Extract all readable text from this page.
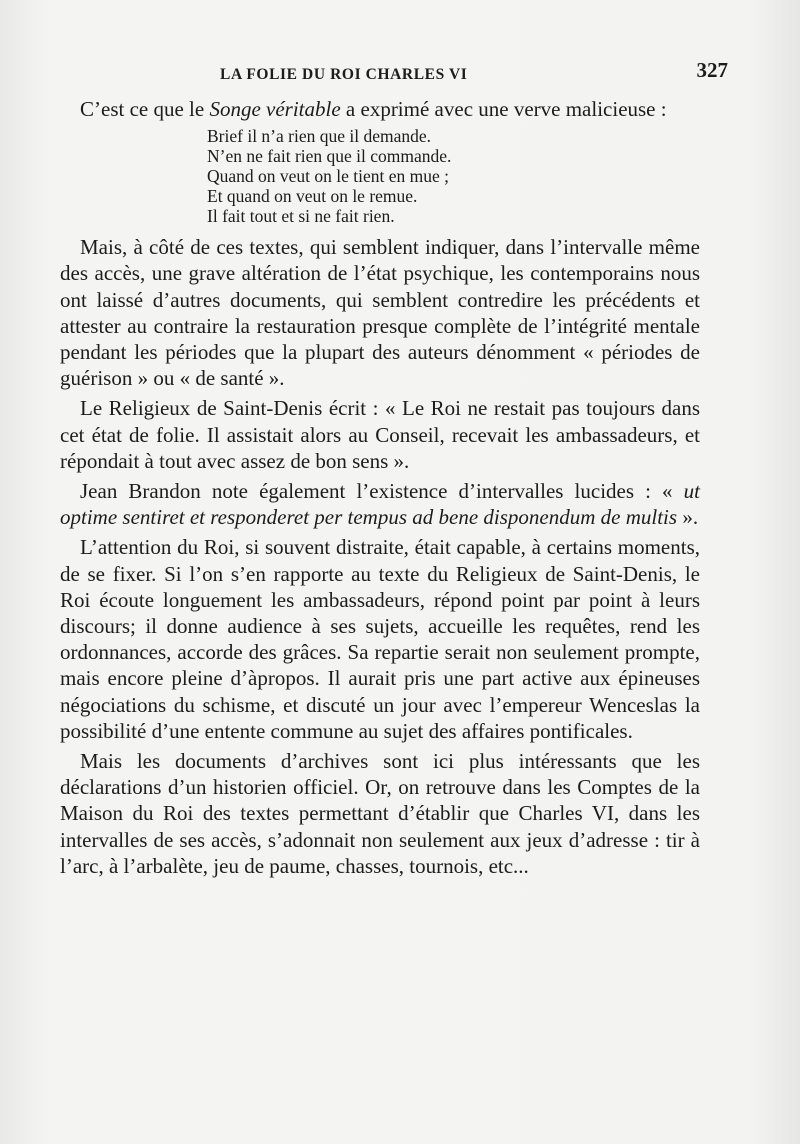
LA FOLIE DU ROI CHARLES VI	327

C’est ce que le Songe véritable a exprimé avec une verve malicieuse :

Brief il n’a rien que il demande.
N’en ne fait rien que il commande.
Quand on veut on le tient en mue ;
Et quand on veut on le remue.
Il fait tout et si ne fait rien.

Mais, à côté de ces textes, qui semblent indiquer, dans l’intervalle même des accès, une grave altération de l’état psychique, les contemporains nous ont laissé d’autres documents, qui semblent contredire les précédents et attester au contraire la restauration presque complète de l’intégrité mentale pendant les périodes que la plupart des auteurs dénomment « périodes de guérison » ou « de santé ».

Le Religieux de Saint-Denis écrit : « Le Roi ne restait pas toujours dans cet état de folie. Il assistait alors au Conseil, recevait les ambassadeurs, et répondait à tout avec assez de bon sens ».

Jean Brandon note également l’existence d’intervalles lucides : « ut optime sentiret et responderet per tempus ad bene disponendum de multis ».

L’attention du Roi, si souvent distraite, était capable, à certains moments, de se fixer. Si l’on s’en rapporte au texte du Religieux de Saint-Denis, le Roi écoute longuement les ambassadeurs, répond point par point à leurs discours; il donne audience à ses sujets, accueille les requêtes, rend les ordonnances, accorde des grâces. Sa repartie serait non seulement prompte, mais encore pleine d’àpropos. Il aurait pris une part active aux épineuses négociations du schisme, et discuté un jour avec l’empereur Wenceslas la possibilité d’une entente commune au sujet des affaires pontificales.

Mais les documents d’archives sont ici plus intéressants que les déclarations d’un historien officiel. Or, on retrouve dans les Comptes de la Maison du Roi des textes permettant d’établir que Charles VI, dans les intervalles de ses accès, s’adonnait non seulement aux jeux d’adresse : tir à l’arc, à l’arbalète, jeu de paume, chasses, tournois, etc...
